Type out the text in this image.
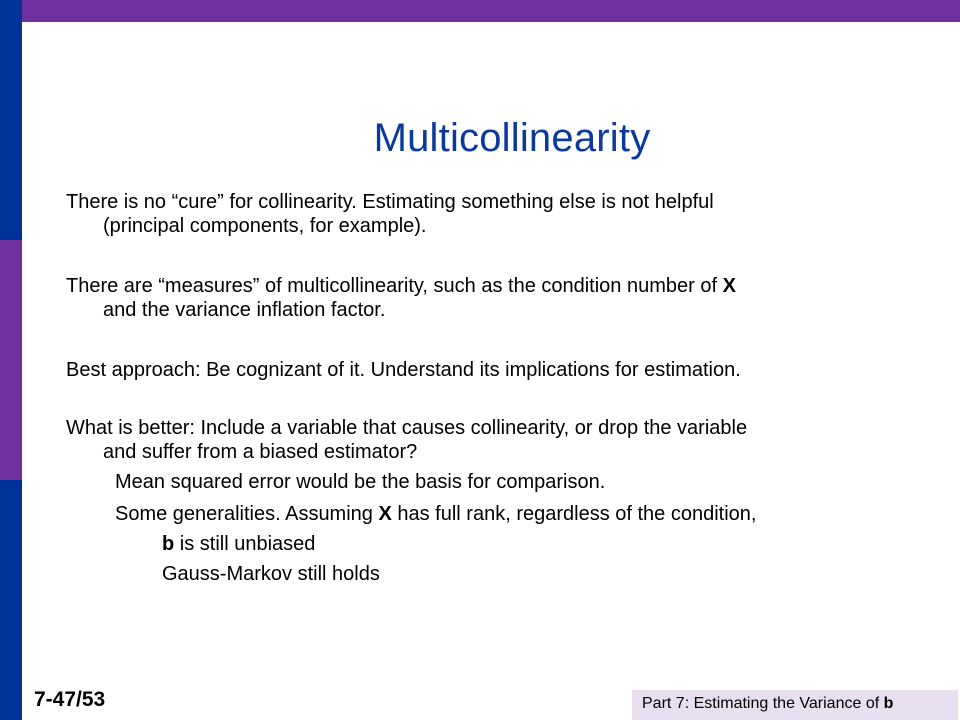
Multicollinearity

There is no “cure” for collinearity. Estimating something else is not helpful
(principal components, for example).

There are “measures” of multicollinearity, such as the condition number of X
and the variance inflation factor.

Best approach: Be cognizant of it. Understand its implications for estimation.

What is better: Include a variable that causes collinearity, or drop the variable
and suffer from a biased estimator?

Mean squared error would be the basis for comparison.
Some generalities. Assuming X has full rank, regardless of the condition,
b is still unbiased
Gauss-Markov still holds
7-47/53	Part 7: Estimating the Variance of b
